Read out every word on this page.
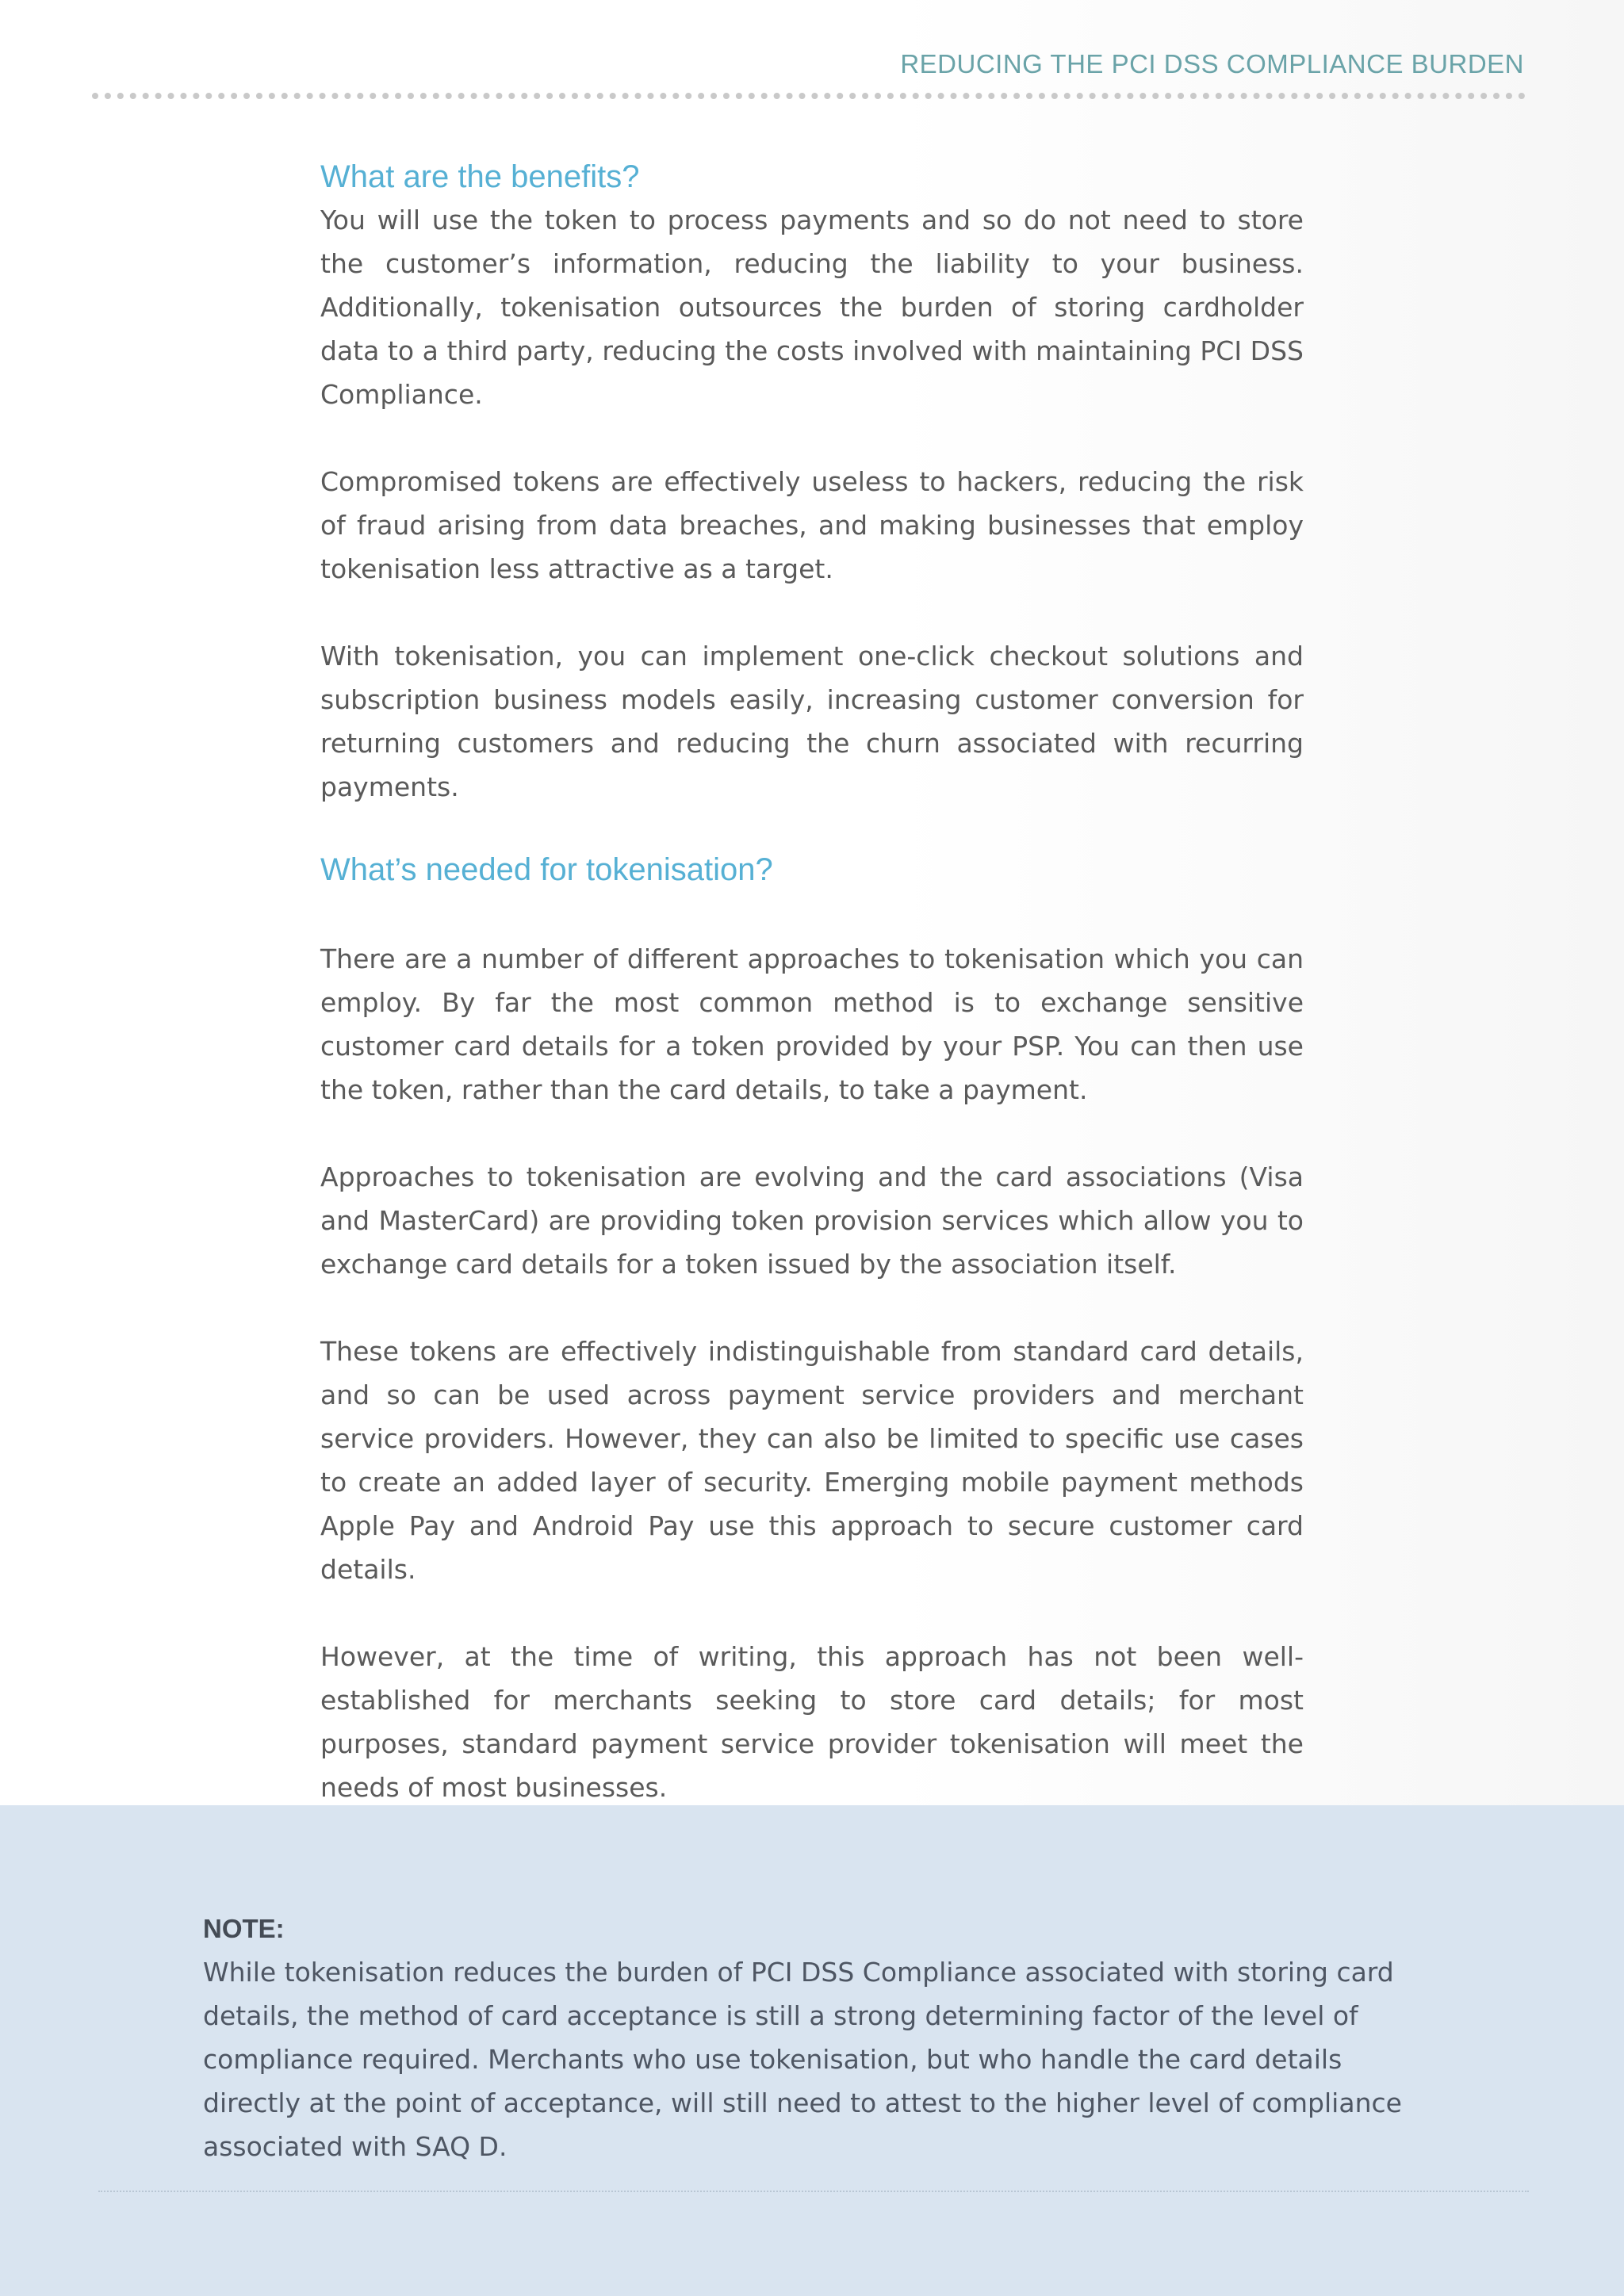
REDUCING THE PCI DSS COMPLIANCE BURDEN
What are the benefits?

You will use the token to process payments and so do not need to store the customer’s information, reducing the liability to your business. Additionally, tokenisation outsources the burden of storing cardholder data to a third party, reducing the costs involved with maintaining PCI DSS Compliance.

Compromised tokens are effectively useless to hackers, reducing the risk of fraud arising from data breaches, and making businesses that employ tokenisation less attractive as a target.

With tokenisation, you can implement one-click checkout solutions and subscription business models easily, increasing customer conversion for returning customers and reducing the churn associated with recurring payments.

What’s needed for tokenisation?

There are a number of different approaches to tokenisation which you can employ. By far the most common method is to exchange sensitive customer card details for a token provided by your PSP. You can then use the token, rather than the card details, to take a payment.

Approaches to tokenisation are evolving and the card associations (Visa and MasterCard) are providing token provision services which allow you to exchange card details for a token issued by the association itself.

These tokens are effectively indistinguishable from standard card details, and so can be used across payment service providers and merchant service providers. However, they can also be limited to specific use cases to create an added layer of security. Emerging mobile payment methods Apple Pay and Android Pay use this approach to secure customer card details.

However, at the time of writing, this approach has not been well-established for merchants seeking to store card details; for most purposes, standard payment service provider tokenisation will meet the needs of most businesses.

NOTE:

While tokenisation reduces the burden of PCI DSS Compliance associated with storing card details, the method of card acceptance is still a strong determining factor of the level of compliance required. Merchants who use tokenisation, but who handle the card details directly at the point of acceptance, will still need to attest to the higher level of compliance associated with SAQ D.
